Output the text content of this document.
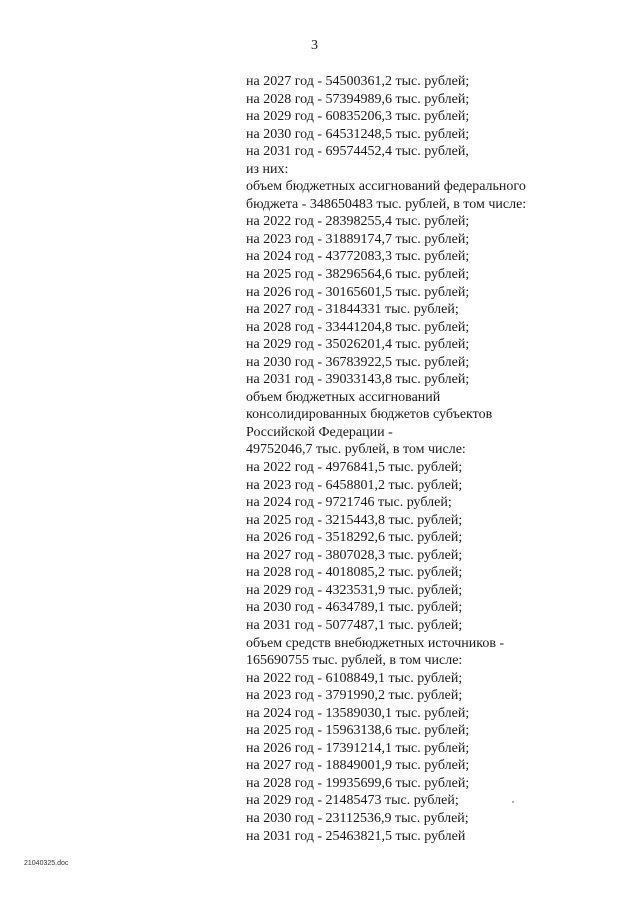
3
на 2027 год - 54500361,2 тыс. рублей;
на 2028 год - 57394989,6 тыс. рублей;
на 2029 год - 60835206,3 тыс. рублей;
на 2030 год - 64531248,5 тыс. рублей;
на 2031 год - 69574452,4 тыс. рублей,
из них:
объем бюджетных ассигнований федерального
бюджета - 348650483 тыс. рублей, в том числе:
на 2022 год - 28398255,4 тыс. рублей;
на 2023 год - 31889174,7 тыс. рублей;
на 2024 год - 43772083,3 тыс. рублей;
на 2025 год - 38296564,6 тыс. рублей;
на 2026 год - 30165601,5 тыс. рублей;
на 2027 год - 31844331 тыс. рублей;
на 2028 год - 33441204,8 тыс. рублей;
на 2029 год - 35026201,4 тыс. рублей;
на 2030 год - 36783922,5 тыс. рублей;
на 2031 год - 39033143,8 тыс. рублей;
объем бюджетных ассигнований
консолидированных бюджетов субъектов
Российской Федерации -
49752046,7 тыс. рублей, в том числе:
на 2022 год - 4976841,5 тыс. рублей;
на 2023 год - 6458801,2 тыс. рублей;
на 2024 год - 9721746 тыс. рублей;
на 2025 год - 3215443,8 тыс. рублей;
на 2026 год - 3518292,6 тыс. рублей;
на 2027 год - 3807028,3 тыс. рублей;
на 2028 год - 4018085,2 тыс. рублей;
на 2029 год - 4323531,9 тыс. рублей;
на 2030 год - 4634789,1 тыс. рублей;
на 2031 год - 5077487,1 тыс. рублей;
объем средств внебюджетных источников -
165690755 тыс. рублей, в том числе:
на 2022 год - 6108849,1 тыс. рублей;
на 2023 год - 3791990,2 тыс. рублей;
на 2024 год - 13589030,1 тыс. рублей;
на 2025 год - 15963138,6 тыс. рублей;
на 2026 год - 17391214,1 тыс. рублей;
на 2027 год - 18849001,9 тыс. рублей;
на 2028 год - 19935699,6 тыс. рублей;
на 2029 год - 21485473 тыс. рублей;
на 2030 год - 23112536,9 тыс. рублей;
на 2031 год - 25463821,5 тыс. рублей
21040325.doc
